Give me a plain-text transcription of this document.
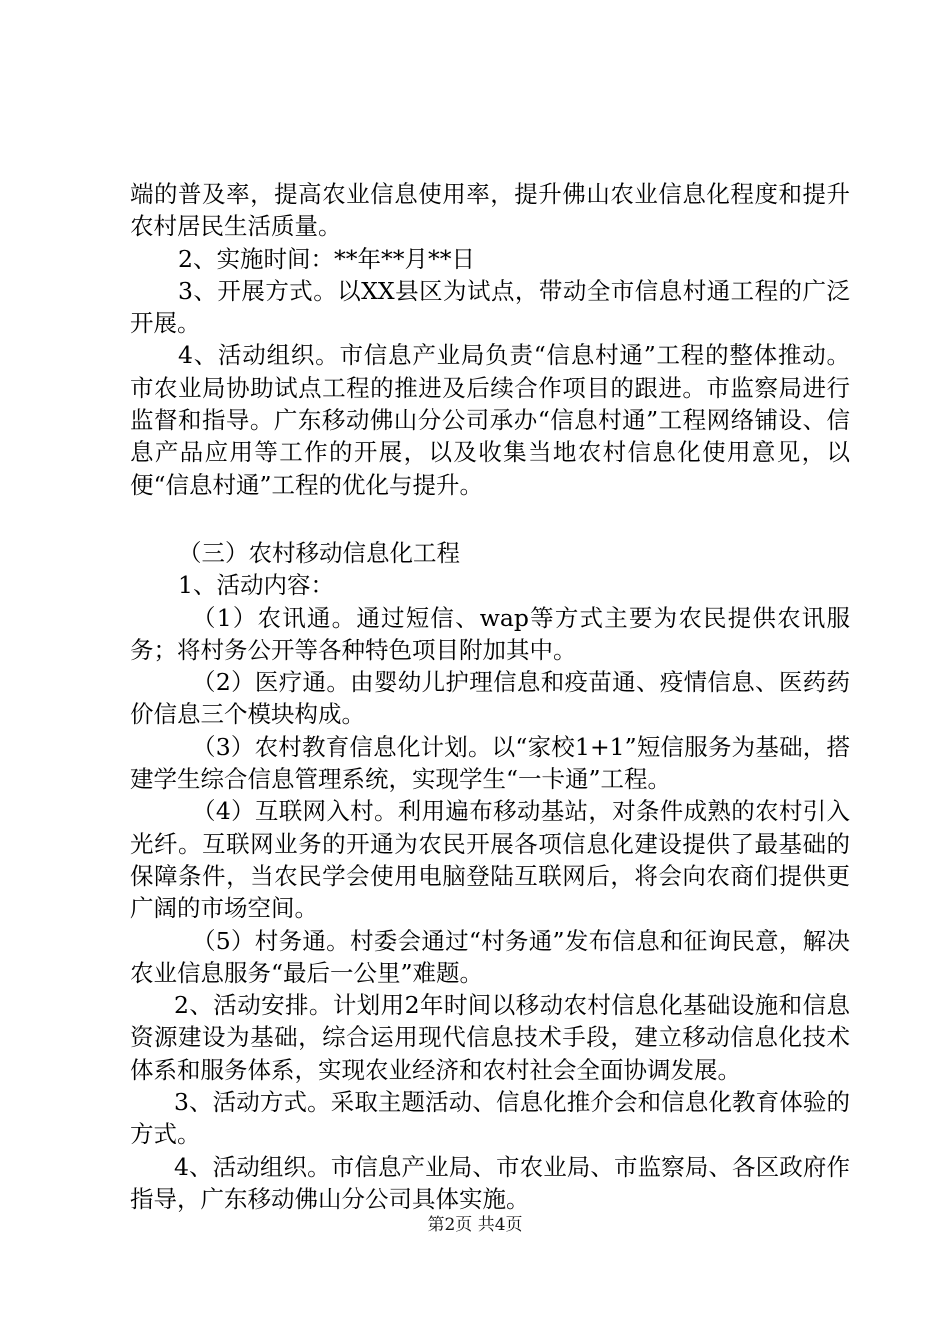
端的普及率，提高农业信息使用率，提升佛山农业信息化程度和提升农村居民生活质量。

2、实施时间：**年**月**日

3、开展方式。以XX县区为试点，带动全市信息村通工程的广泛开展。

4、活动组织。市信息产业局负责“信息村通”工程的整体推动。市农业局协助试点工程的推进及后续合作项目的跟进。市监察局进行监督和指导。广东移动佛山分公司承办“信息村通”工程网络铺设、信息产品应用等工作的开展，以及收集当地农村信息化使用意见，以便“信息村通”工程的优化与提升。

（三）农村移动信息化工程

1、活动内容：

（1）农讯通。通过短信、wap等方式主要为农民提供农讯服务；将村务公开等各种特色项目附加其中。

（2）医疗通。由婴幼儿护理信息和疫苗通、疫情信息、医药药价信息三个模块构成。

（3）农村教育信息化计划。以“家校1+1”短信服务为基础，搭建学生综合信息管理系统，实现学生“一卡通”工程。

（4）互联网入村。利用遍布移动基站，对条件成熟的农村引入光纤。互联网业务的开通为农民开展各项信息化建设提供了最基础的保障条件，当农民学会使用电脑登陆互联网后，将会向农商们提供更广阔的市场空间。

（5）村务通。村委会通过“村务通”发布信息和征询民意，解决农业信息服务“最后一公里”难题。

2、活动安排。计划用2年时间以移动农村信息化基础设施和信息资源建设为基础，综合运用现代信息技术手段，建立移动信息化技术体系和服务体系，实现农业经济和农村社会全面协调发展。

3、活动方式。采取主题活动、信息化推介会和信息化教育体验的方式。

4、活动组织。市信息产业局、市农业局、市监察局、各区政府作指导，广东移动佛山分公司具体实施。

第2页 共4页
